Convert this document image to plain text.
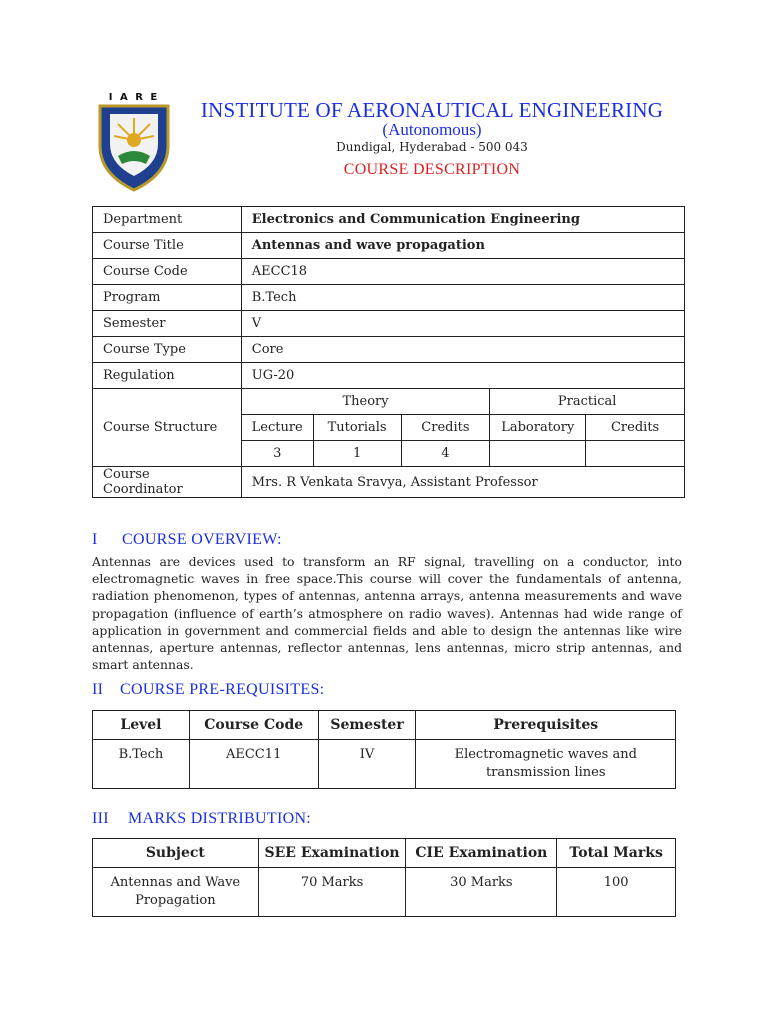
I A R E
INSTITUTE OF AERONAUTICAL ENGINEERING
(Autonomous)
Dundigal, Hyderabad - 500 043
COURSE DESCRIPTION
Department	Electronics and Communication Engineering				
Course Title	Antennas and wave propagation				
Course Code	AECC18				
Program	B.Tech				
Semester	V				
Course Type	Core				
Regulation	UG-20				
Course Structure	Theory			Practical	
	Lecture	Tutorials	Credits	Laboratory	Credits
	3	1	4		
Course Coordinator	Mrs. R Venkata Sravya, Assistant Professor				
I COURSE OVERVIEW:
Antennas are devices used to transform an RF signal, travelling on a conductor, into electromagnetic waves in free space.This course will cover the fundamentals of antenna, radiation phenomenon, types of antennas, antenna arrays, antenna measurements and wave propagation (influence of earth’s atmosphere on radio waves). Antennas had wide range of application in government and commercial fields and able to design the antennas like wire antennas, aperture antennas, reflector antennas, lens antennas, micro strip antennas, and smart antennas.
II COURSE PRE-REQUISITES:
Level	Course Code	Semester	Prerequisites
B.Tech	AECC11	IV	Electromagnetic waves and
transmission lines
III MARKS DISTRIBUTION:
Subject	SEE Examination	CIE Examination	Total Marks

Antennas and Wave
Propagation	70 Marks	30 Marks	100
